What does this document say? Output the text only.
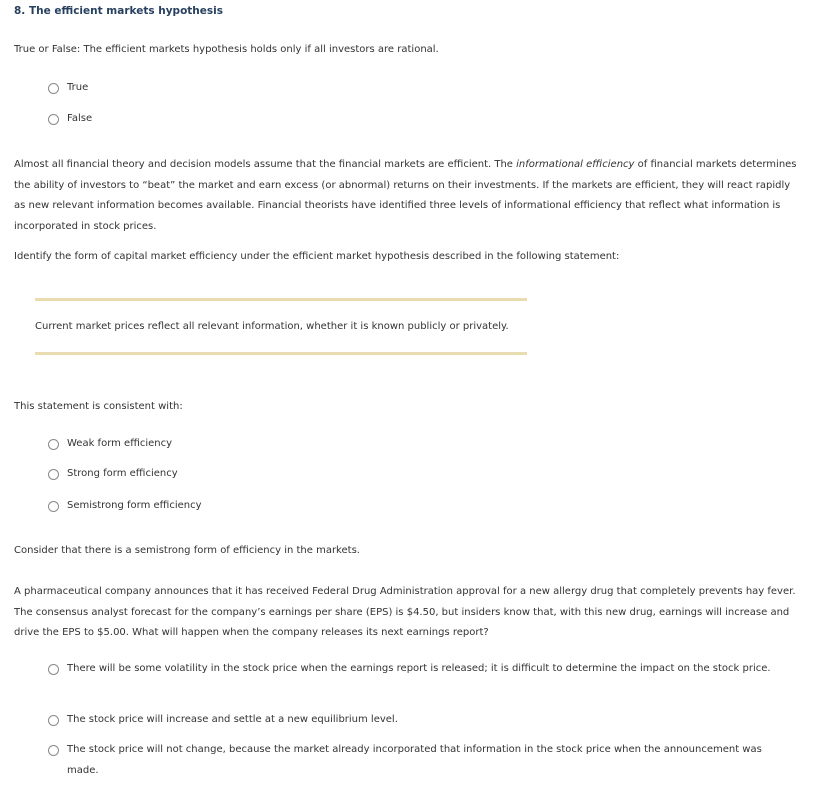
8. The efficient markets hypothesis
True or False: The efficient markets hypothesis holds only if all investors are rational.
True
False
Almost all financial theory and decision models assume that the financial markets are efficient. The informational efficiency of financial markets determines the ability of investors to “beat” the market and earn excess (or abnormal) returns on their investments. If the markets are efficient, they will react rapidly as new relevant information becomes available. Financial theorists have identified three levels of informational efficiency that reflect what information is incorporated in stock prices.
Identify the form of capital market efficiency under the efficient market hypothesis described in the following statement:
Current market prices reflect all relevant information, whether it is known publicly or privately.
This statement is consistent with:
Weak form efficiency
Strong form efficiency
Semistrong form efficiency
Consider that there is a semistrong form of efficiency in the markets.
A pharmaceutical company announces that it has received Federal Drug Administration approval for a new allergy drug that completely prevents hay fever. The consensus analyst forecast for the company’s earnings per share (EPS) is $4.50, but insiders know that, with this new drug, earnings will increase and drive the EPS to $5.00. What will happen when the company releases its next earnings report?
There will be some volatility in the stock price when the earnings report is released; it is difficult to determine the impact on the stock price.
The stock price will increase and settle at a new equilibrium level.
The stock price will not change, because the market already incorporated that information in the stock price when the announcement was made.
